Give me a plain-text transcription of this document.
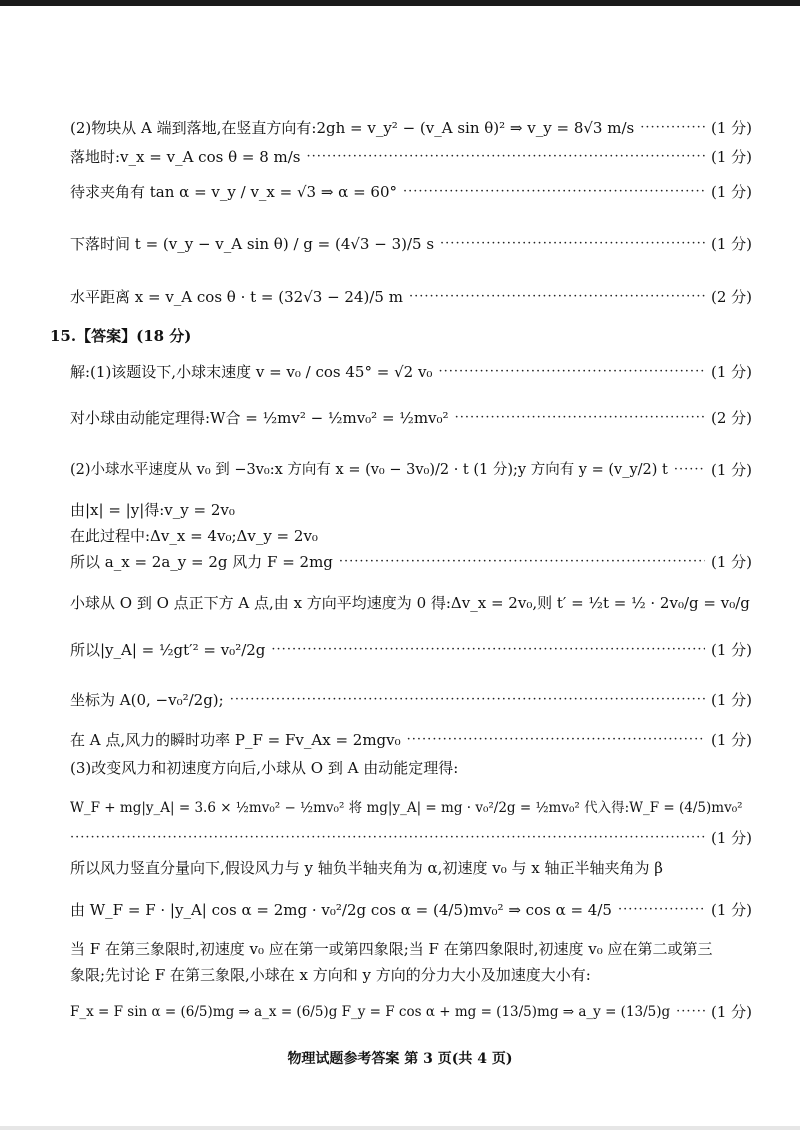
(2)物块从 A 端到落地,在竖直方向有:2gh = v_y² − (v_A sin θ)² ⇒ v_y = 8√3 m/s ·····	(1 分)
落地时:v_x = v_A cos θ = 8 m/s ·····	(1 分)
待求夹角有 tan α = v_y / v_x = √3 ⇒ α = 60° ·····	(1 分)
下落时间 t = (v_y − v_A sin θ) / g = (4√3 − 3)/5 s ·····	(1 分)
水平距离 x = v_A cos θ · t = (32√3 − 24)/5 m ·····	(2 分)
15.【答案】(18 分)
解:(1)该题设下,小球末速度 v = v₀ / cos 45° = √2 v₀ ·····	(1 分)
对小球由动能定理得:W合 = ½mv² − ½mv₀² = ½mv₀² ·····	(2 分)
(2)小球水平速度从 v₀ 到 −3v₀:x 方向有 x = (v₀ − 3v₀)/2 · t (1 分);y 方向有 y = (v_y/2) t ·····	(1 分)
由|x| = |y|得:v_y = 2v₀
在此过程中:Δv_x = 4v₀;Δv_y = 2v₀
所以 a_x = 2a_y = 2g 风力 F = 2mg ·····	(1 分)
小球从 O 到 O 点正下方 A 点,由 x 方向平均速度为 0 得:Δv_x = 2v₀,则 t′ = ½t = ½ · 2v₀/g = v₀/g
所以|y_A| = ½gt′² = v₀²/2g ·····	(1 分)
坐标为 A(0, −v₀²/2g); ·····	(1 分)
在 A 点,风力的瞬时功率 P_F = Fv_Ax = 2mgv₀ ·····	(1 分)
(3)改变风力和初速度方向后,小球从 O 到 A 由动能定理得:
W_F + mg|y_A| = 3.6 × ½mv₀² − ½mv₀² 将 mg|y_A| = mg · v₀²/2g = ½mv₀² 代入得:W_F = (4/5)mv₀²
·····
(1 分)
所以风力竖直分量向下,假设风力与 y 轴负半轴夹角为 α,初速度 v₀ 与 x 轴正半轴夹角为 β
由 W_F = F · |y_A| cos α = 2mg · v₀²/2g cos α = (4/5)mv₀² ⇒ cos α = 4/5 ·····	(1 分)
当 F 在第三象限时,初速度 v₀ 应在第一或第四象限;当 F 在第四象限时,初速度 v₀ 应在第二或第三
象限;先讨论 F 在第三象限,小球在 x 方向和 y 方向的分力大小及加速度大小有:
F_x = F sin α = (6/5)mg ⇒ a_x = (6/5)g F_y = F cos α + mg = (13/5)mg ⇒ a_y = (13/5)g ·····	(1 分)
物理试题参考答案 第 3 页(共 4 页)
